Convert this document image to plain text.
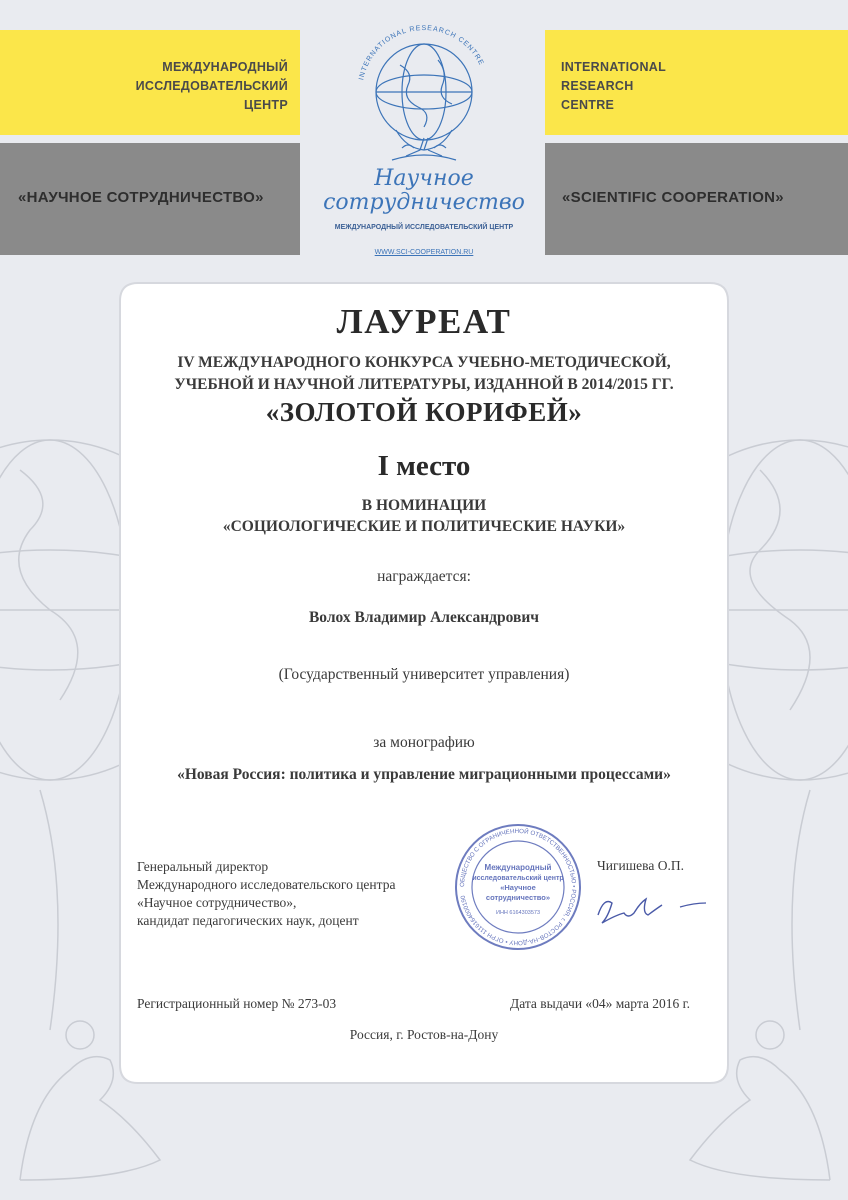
МЕЖДУНАРОДНЫЙ
ИССЛЕДОВАТЕЛЬСКИЙ
ЦЕНТР
INTERNATIONAL
RESEARCH
CENTRE
«НАУЧНОЕ СОТРУДНИЧЕСТВО»	«SCIENTIFIC COOPERATION»
INTERNATIONAL RESEARCH CENTRE
Научное
сотрудничество
МЕЖДУНАРОДНЫЙ ИССЛЕДОВАТЕЛЬСКИЙ ЦЕНТР
WWW.SCI-COOPERATION.RU
ЛАУРЕАТ
IV МЕЖДУНАРОДНОГО КОНКУРСА УЧЕБНО-МЕТОДИЧЕСКОЙ,
УЧЕБНОЙ И НАУЧНОЙ ЛИТЕРАТУРЫ, ИЗДАННОЙ В 2014/2015 ГГ.
«ЗОЛОТОЙ КОРИФЕЙ»
I место
В НОМИНАЦИИ
«СОЦИОЛОГИЧЕСКИЕ И ПОЛИТИЧЕСКИЕ НАУКИ»
награждается:
Волох Владимир Александрович
(Государственный университет управления)
за монографию
«Новая Россия: политика и управление миграционными процессами»
Генеральный директор
Международного исследовательского центра
«Научное сотрудничество»,
кандидат педагогических наук, доцент
ОБЩЕСТВО С ОГРАНИЧЕННОЙ ОТВЕТСТВЕННОСТЬЮ • РОССИЯ, г. РОСТОВ-НА-ДОНУ • ОГРН 1116164000190
Международный
исследовательский центр
«Научное
сотрудничество»
ИНН 6164303573
Чигишева О.П.
Регистрационный номер № 273-03	Дата выдачи «04» марта 2016 г.
Россия, г. Ростов-на-Дону
